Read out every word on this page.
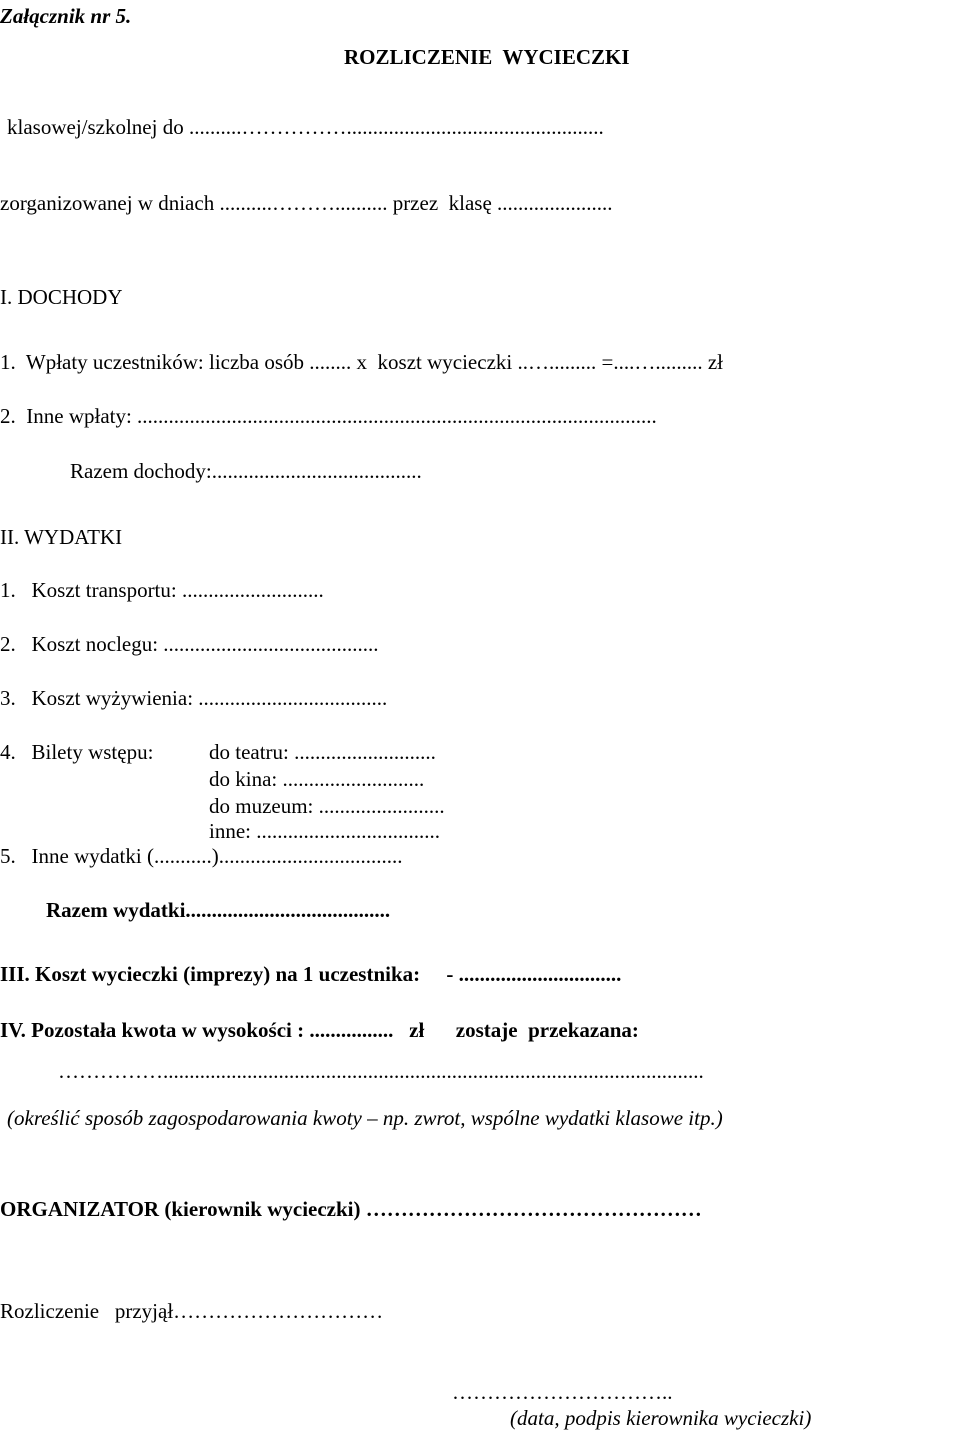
Załącznik nr 5.
ROZLICZENIE  WYCIECZKI
klasowej/szkolnej do ..........…………….................................................
zorganizowanej w dniach ..........……….......... przez  klasę ......................
I. DOCHODY
1.  Wpłaty uczestników: liczba osób ........ x  koszt wycieczki ..…......... =....…......... zł
2.  Inne wpłaty: ...................................................................................................
Razem dochody:........................................
II. WYDATKI
1.   Koszt transportu: ...........................
2.   Koszt noclegu: .........................................
3.   Koszt wyżywienia: ....................................
4.   Bilety wstępu:	do teatru: ...........................
do kina: ...........................
do muzeum: ........................
inne: ...................................
5.   Inne wydatki (...........)...................................
Razem wydatki.......................................
III. Koszt wycieczki (imprezy) na 1 uczestnika:     - ...............................
IV. Pozostała kwota w wysokości : ................   zł      zostaje  przekazana:
…………….......................................................................................................
(określić sposób zagospodarowania kwoty – np. zwrot, wspólne wydatki klasowe itp.)
ORGANIZATOR (kierownik wycieczki) …………………………………………
Rozliczenie   przyjął…………………………
…………………………..
(data, podpis kierownika wycieczki)
